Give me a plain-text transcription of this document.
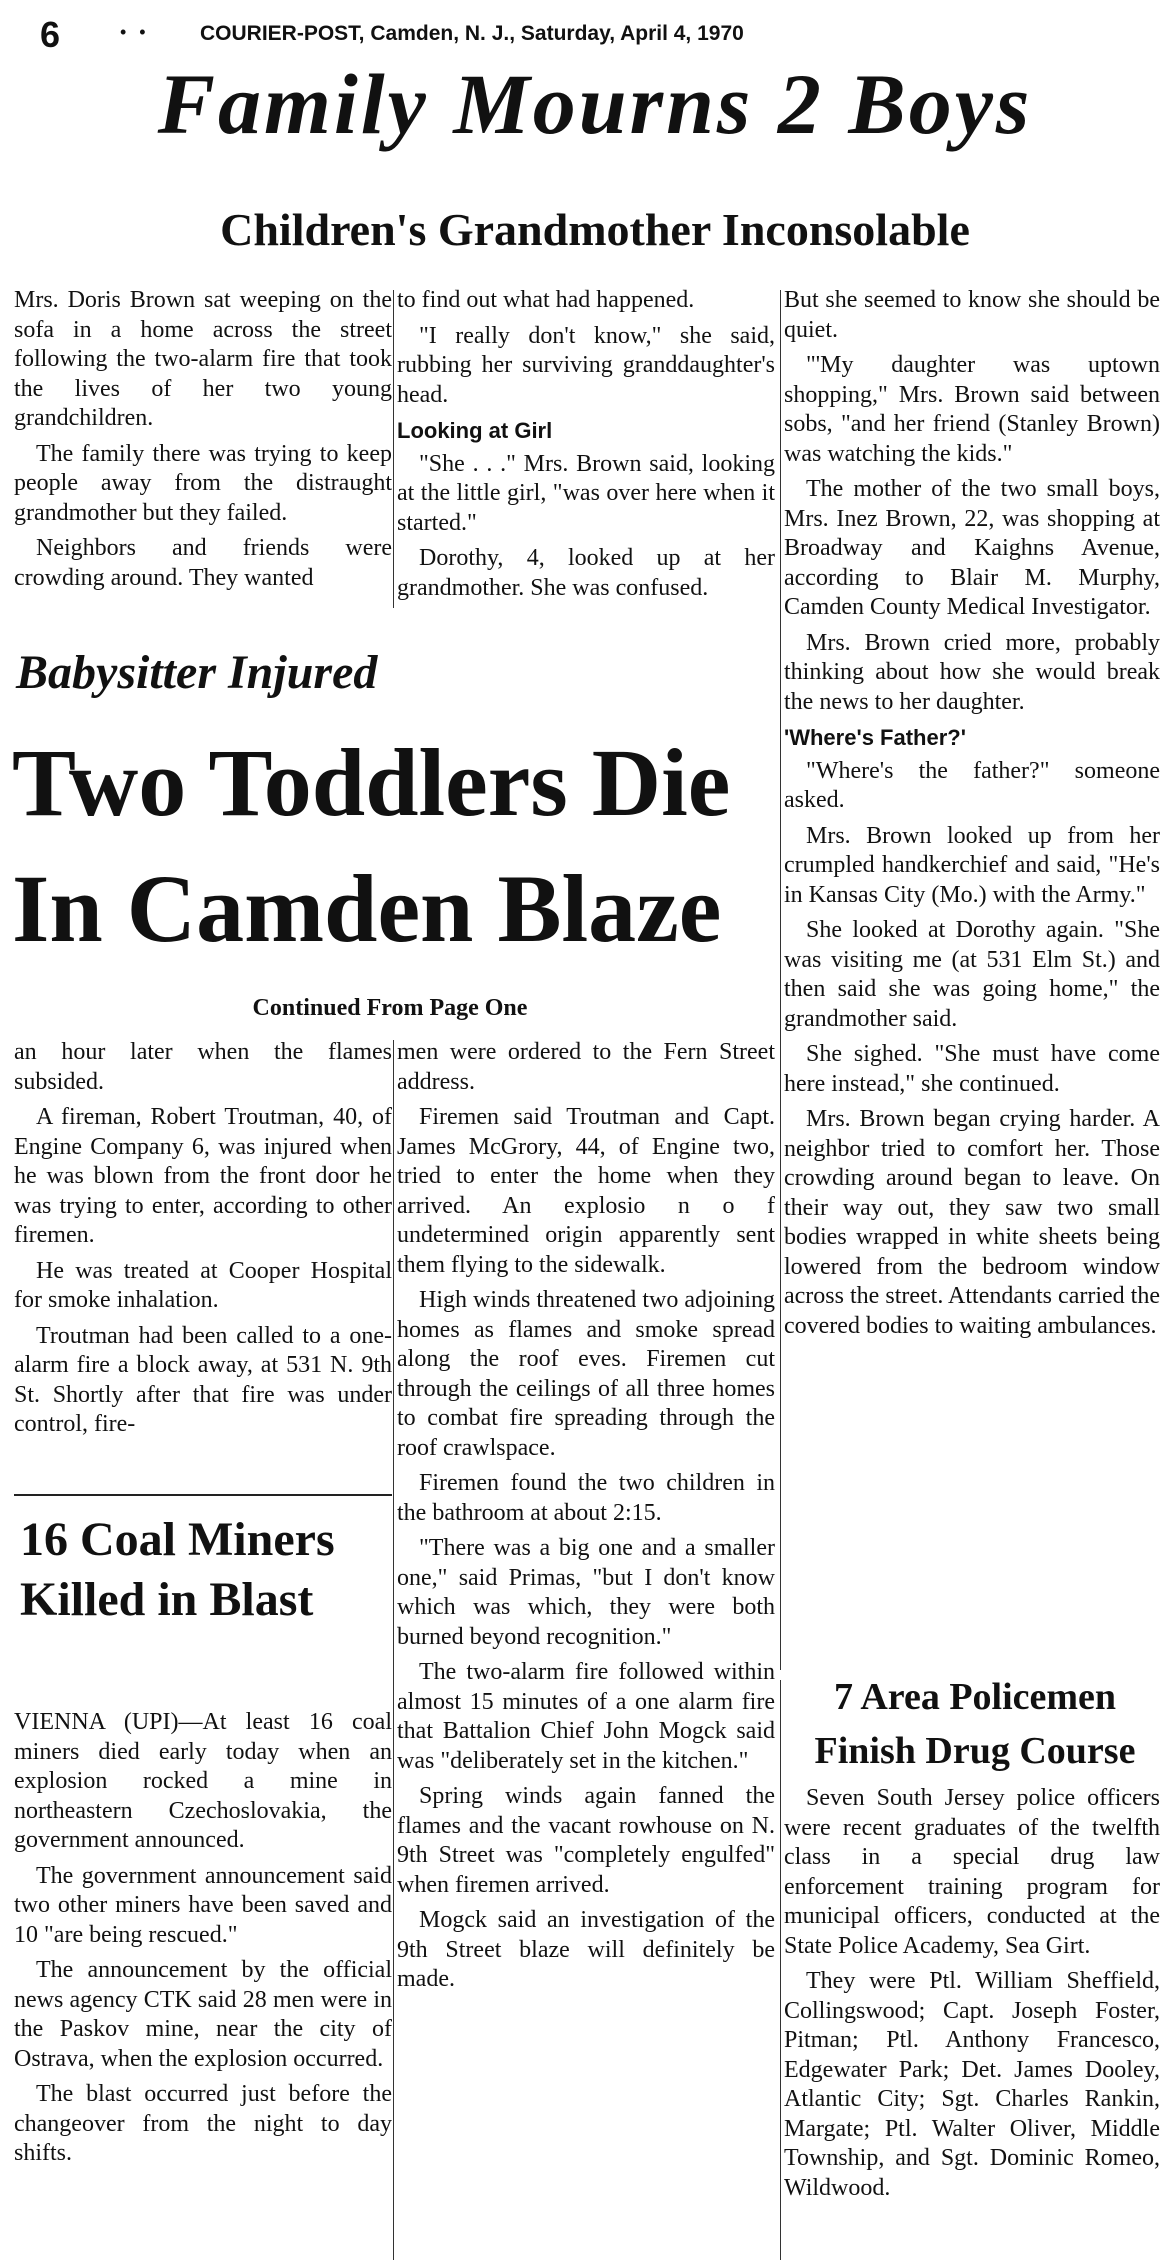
6	• • COURIER-POST, Camden, N. J., Saturday, April 4, 1970
Family Mourns 2 Boys
Children's Grandmother Inconsolable

Mrs. Doris Brown sat weeping on the sofa in a home across the street following the two-alarm fire that took the lives of her two young grandchildren.

The family there was trying to keep people away from the distraught grandmother but they failed.

Neighbors and friends were crowding around. They wanted

to find out what had happened.

"I really don't know," she said, rubbing her surviving granddaughter's head.

Looking at Girl

"She . . ." Mrs. Brown said, looking at the little girl, "was over here when it started."

Dorothy, 4, looked up at her grandmother. She was confused.

But she seemed to know she should be quiet.

"'My daughter was uptown shopping," Mrs. Brown said between sobs, "and her friend (Stanley Brown) was watching the kids."

The mother of the two small boys, Mrs. Inez Brown, 22, was shopping at Broadway and Kaighns Avenue, according to Blair M. Murphy, Camden County Medical Investigator.

Mrs. Brown cried more, probably thinking about how she would break the news to her daughter.

'Where's Father?'

"Where's the father?" someone asked.

Mrs. Brown looked up from her crumpled handkerchief and said, "He's in Kansas City (Mo.) with the Army."

She looked at Dorothy again. "She was visiting me (at 531 Elm St.) and then said she was going home," the grandmother said.

She sighed. "She must have come here instead," she continued.

Mrs. Brown began crying harder. A neighbor tried to comfort her. Those crowding around began to leave. On their way out, they saw two small bodies wrapped in white sheets being lowered from the bedroom window across the street. Attendants carried the covered bodies to waiting ambulances.

Babysitter Injured
Two Toddlers Die
In Camden Blaze
Continued From Page One

an hour later when the flames subsided.

A fireman, Robert Troutman, 40, of Engine Company 6, was injured when he was blown from the front door he was trying to enter, according to other firemen.

He was treated at Cooper Hospital for smoke inhalation.

Troutman had been called to a one-alarm fire a block away, at 531 N. 9th St. Shortly after that fire was under control, fire-

men were ordered to the Fern Street address.

Firemen said Troutman and Capt. James McGrory, 44, of Engine two, tried to enter the home when they arrived. An explosio n o f undetermined origin apparently sent them flying to the sidewalk.

High winds threatened two adjoining homes as flames and smoke spread along the roof eves. Firemen cut through the ceilings of all three homes to combat fire spreading through the roof crawlspace.

Firemen found the two children in the bathroom at about 2:15.

"There was a big one and a smaller one," said Primas, "but I don't know which was which, they were both burned beyond recognition."

The two-alarm fire followed within almost 15 minutes of a one alarm fire that Battalion Chief John Mogck said was "deliberately set in the kitchen."

Spring winds again fanned the flames and the vacant rowhouse on N. 9th Street was "completely engulfed" when firemen arrived.

Mogck said an investigation of the 9th Street blaze will definitely be made.

16 Coal Miners Killed in Blast

VIENNA (UPI)—At least 16 coal miners died early today when an explosion rocked a mine in northeastern Czechoslovakia, the government announced.

The government announcement said two other miners have been saved and 10 "are being rescued."

The announcement by the official news agency CTK said 28 men were in the Paskov mine, near the city of Ostrava, when the explosion occurred.

The blast occurred just before the changeover from the night to day shifts.

7 Area Policemen Finish Drug Course

Seven South Jersey police officers were recent graduates of the twelfth class in a special drug law enforcement training program for municipal officers, conducted at the State Police Academy, Sea Girt.

They were Ptl. William Sheffield, Collingswood; Capt. Joseph Foster, Pitman; Ptl. Anthony Francesco, Edgewater Park; Det. James Dooley, Atlantic City; Sgt. Charles Rankin, Margate; Ptl. Walter Oliver, Middle Township, and Sgt. Dominic Romeo, Wildwood.
